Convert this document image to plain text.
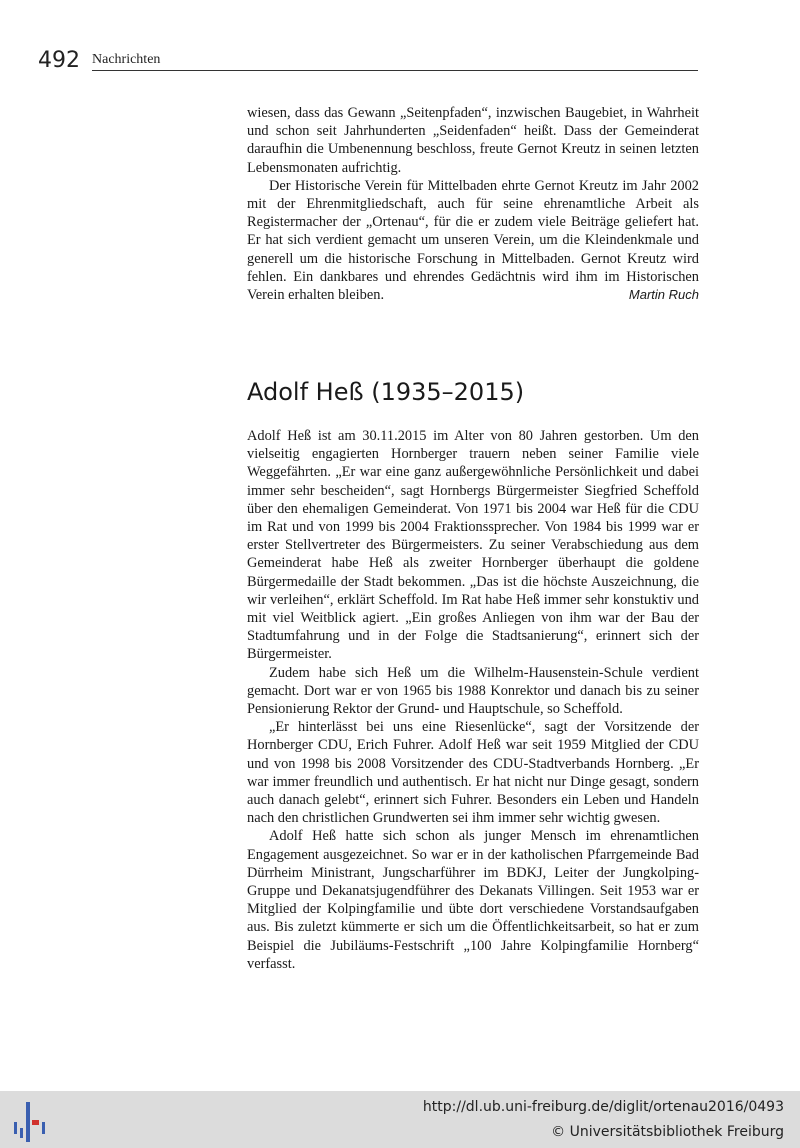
492 Nachrichten

wiesen, dass das Gewann „Seitenpfaden“, inzwischen Baugebiet, in Wahrheit und schon seit Jahrhunderten „Seidenfaden“ heißt. Dass der Gemeinderat daraufhin die Umbenennung beschloss, freute Gernot Kreutz in seinen letzten Lebensmonaten aufrichtig.

Der Historische Verein für Mittelbaden ehrte Gernot Kreutz im Jahr 2002 mit der Ehrenmitgliedschaft, auch für seine ehrenamtliche Arbeit als Registermacher der „Ortenau“, für die er zudem viele Beiträge geliefert hat. Er hat sich verdient gemacht um unseren Verein, um die Kleindenkmale und generell um die historische Forschung in Mittelbaden. Gernot Kreutz wird fehlen. Ein dankbares und ehrendes Gedächtnis wird ihm im Historischen Verein erhalten bleiben.	Martin Ruch

Adolf Heß (1935–2015)

Adolf Heß ist am 30.11.2015 im Alter von 80 Jahren gestorben. Um den vielseitig engagierten Hornberger trauern neben seiner Familie viele Weggefährten. „Er war eine ganz außergewöhnliche Persönlichkeit und dabei immer sehr bescheiden“, sagt Hornbergs Bürgermeister Siegfried Scheffold über den ehemaligen Gemeinderat. Von 1971 bis 2004 war Heß für die CDU im Rat und von 1999 bis 2004 Fraktionssprecher. Von 1984 bis 1999 war er erster Stellvertreter des Bürgermeisters. Zu seiner Verabschiedung aus dem Gemeinderat habe Heß als zweiter Hornberger überhaupt die goldene Bürgermedaille der Stadt bekommen. „Das ist die höchste Auszeichnung, die wir verleihen“, erklärt Scheffold. Im Rat habe Heß immer sehr konstuktiv und mit viel Weitblick agiert. „Ein großes Anliegen von ihm war der Bau der Stadtumfahrung und in der Folge die Stadtsanierung“, erinnert sich der Bürgermeister.

Zudem habe sich Heß um die Wilhelm-Hausenstein-Schule verdient gemacht. Dort war er von 1965 bis 1988 Konrektor und danach bis zu seiner Pensionierung Rektor der Grund- und Hauptschule, so Scheffold.

„Er hinterlässt bei uns eine Riesenlücke“, sagt der Vorsitzende der Hornberger CDU, Erich Fuhrer. Adolf Heß war seit 1959 Mitglied der CDU und von 1998 bis 2008 Vorsitzender des CDU-Stadtverbands Hornberg. „Er war immer freundlich und authentisch. Er hat nicht nur Dinge gesagt, sondern auch danach gelebt“, erinnert sich Fuhrer. Besonders ein Leben und Handeln nach den christlichen Grundwerten sei ihm immer sehr wichtig gwesen.

Adolf Heß hatte sich schon als junger Mensch im ehrenamtlichen Engagement ausgezeichnet. So war er in der katholischen Pfarrgemeinde Bad Dürrheim Ministrant, Jungscharführer im BDKJ, Leiter der Jungkolping-Gruppe und Dekanatsjugendführer des Dekanats Villingen. Seit 1953 war er Mitglied der Kolpingfamilie und übte dort verschiedene Vorstandsaufgaben aus. Bis zuletzt kümmerte er sich um die Öffentlichkeitsarbeit, so hat er zum Beispiel die Jubiläums-Festschrift „100 Jahre Kolpingfamilie Hornberg“ verfasst.

http://dl.ub.uni-freiburg.de/diglit/ortenau2016/0493
© Universitätsbibliothek Freiburg
